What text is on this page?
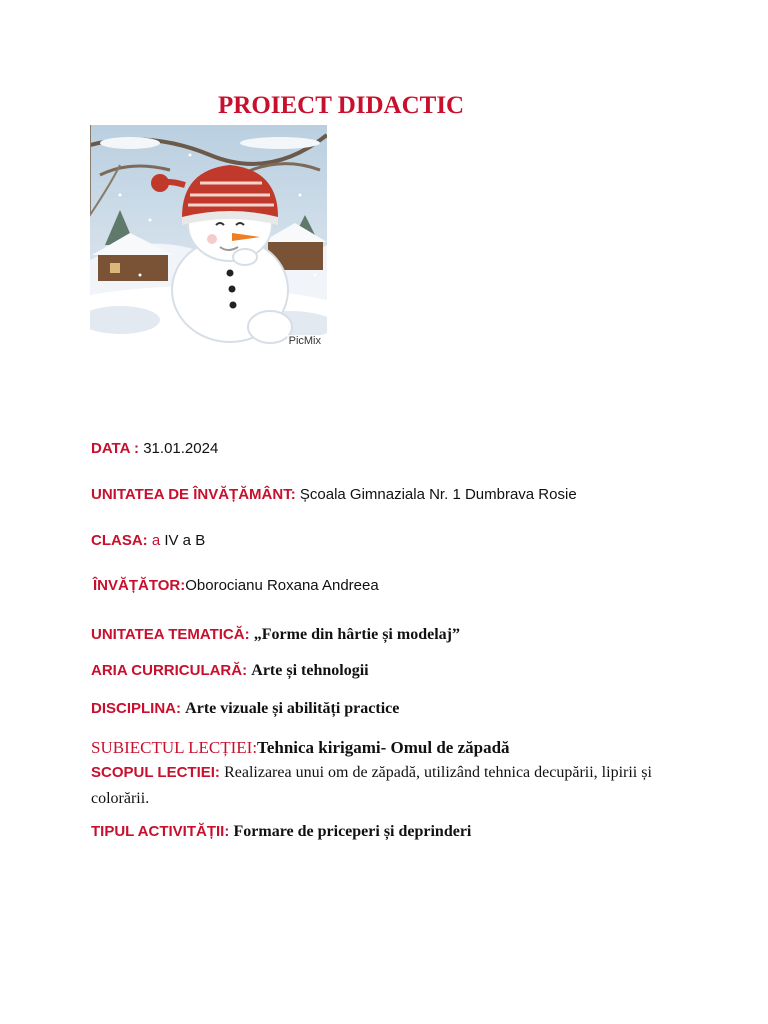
PROIECT DIDACTIC
PicMix

DATA : 31.01.2024

UNITATEA DE ÎNVĂȚĂMÂNT: Școala Gimnaziala Nr. 1 Dumbrava Rosie

CLASA: a IV a B

ÎNVĂȚĂTOR:Oborocianu Roxana Andreea

UNITATEA TEMATICĂ: „Forme din hârtie și modelaj”

ARIA CURRICULARĂ: Arte și tehnologii

DISCIPLINA: Arte vizuale și abilități practice

SUBIECTUL LECȚIEI:Tehnica kirigami- Omul de zăpadă

SCOPUL LECTIEI: Realizarea unui om de zăpadă, utilizând tehnica decupării, lipirii și colorării.

TIPUL ACTIVITĂȚII: Formare de priceperi și deprinderi
